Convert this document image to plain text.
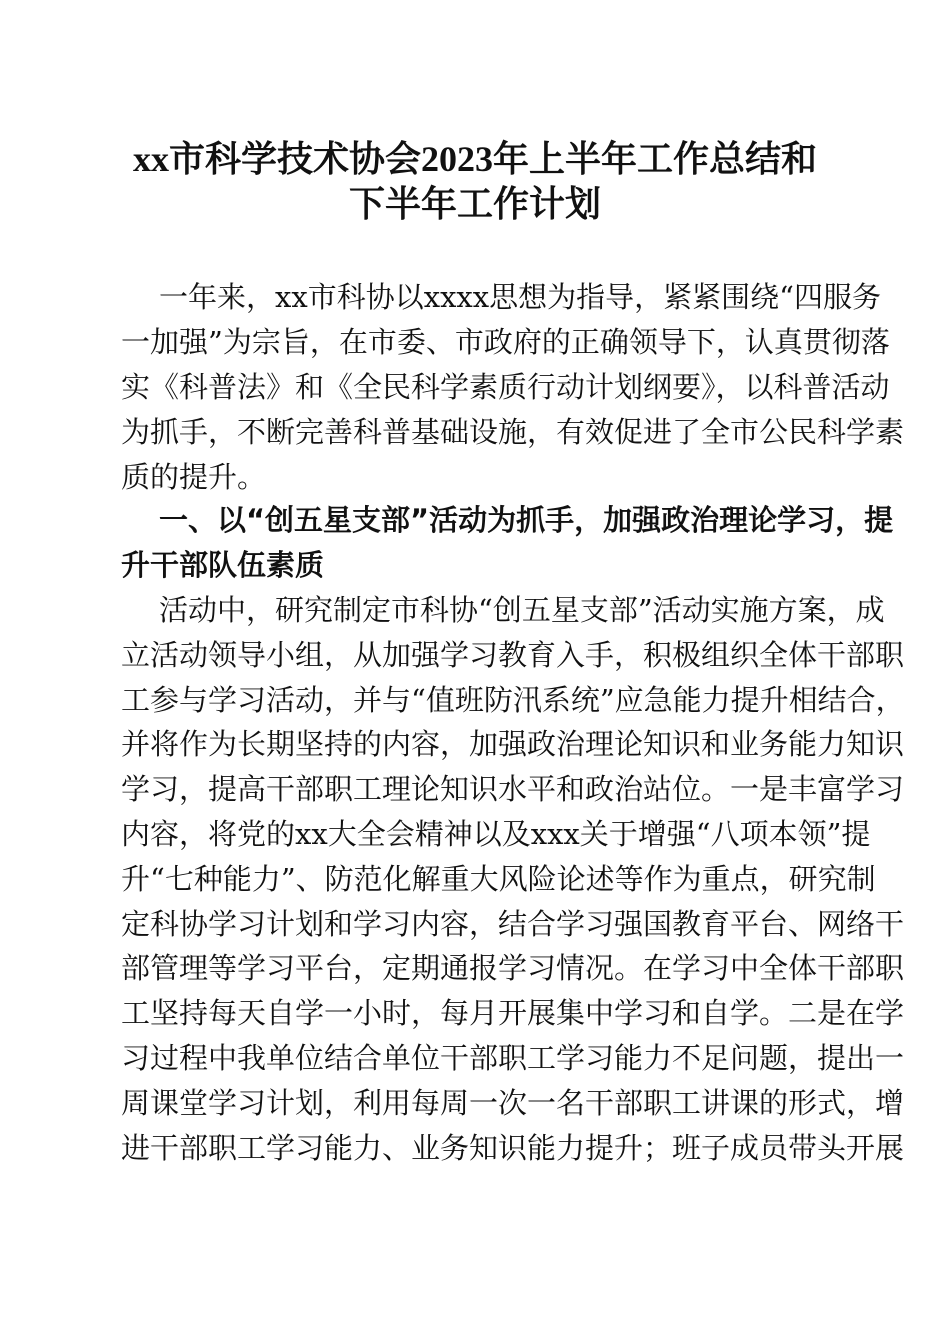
xx市科学技术协会2023年上半年工作总结和
下半年工作计划
一年来，xx市科协以xxxx思想为指导，紧紧围绕“四服务
一加强”为宗旨，在市委、市政府的正确领导下，认真贯彻落
实《科普法》和《全民科学素质行动计划纲要》，以科普活动
为抓手，不断完善科普基础设施，有效促进了全市公民科学素
质的提升。
一、以“创五星支部”活动为抓手，加强政治理论学习，提
升干部队伍素质
活动中，研究制定市科协“创五星支部”活动实施方案，成
立活动领导小组，从加强学习教育入手，积极组织全体干部职
工参与学习活动，并与“值班防汛系统”应急能力提升相结合，
并将作为长期坚持的内容，加强政治理论知识和业务能力知识
学习，提高干部职工理论知识水平和政治站位。一是丰富学习
内容，将党的xx大全会精神以及xxx关于增强“八项本领”提
升“七种能力”、防范化解重大风险论述等作为重点，研究制
定科协学习计划和学习内容，结合学习强国教育平台、网络干
部管理等学习平台，定期通报学习情况。在学习中全体干部职
工坚持每天自学一小时，每月开展集中学习和自学。二是在学
习过程中我单位结合单位干部职工学习能力不足问题，提出一
周课堂学习计划，利用每周一次一名干部职工讲课的形式，增
进干部职工学习能力、业务知识能力提升；班子成员带头开展
